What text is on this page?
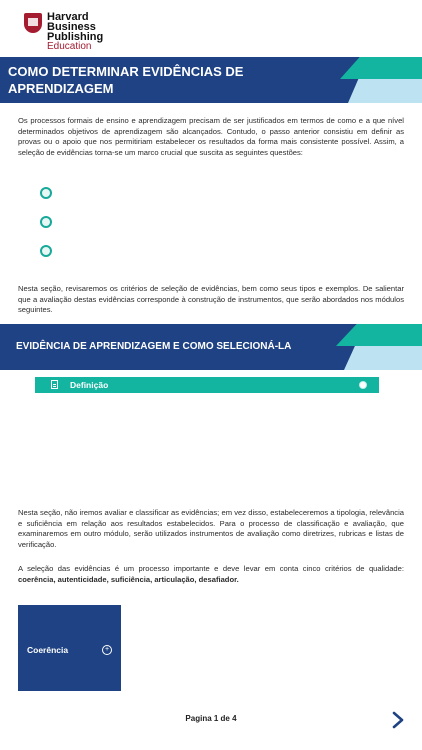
Harvard
Business
Publishing
Education
COMO DETERMINAR EVIDÊNCIAS DE APRENDIZAGEM
Os processos formais de ensino e aprendizagem precisam de ser justificados em termos de como e a que nível determinados objetivos de aprendizagem são alcançados. Contudo, o passo anterior consistiu em definir as provas ou o apoio que nos permitiriam estabelecer os resultados da forma mais consistente possível. Assim, a seleção de evidências torna-se um marco crucial que suscita as seguintes questões:
Nesta seção, revisaremos os critérios de seleção de evidências, bem como seus tipos e exemplos. De salientar que a avaliação destas evidências corresponde à construção de instrumentos, que serão abordados nos módulos seguintes.
EVIDÊNCIA DE APRENDIZAGEM E COMO SELECIONÁ-LA
Definição
Nesta seção, não iremos avaliar e classificar as evidências; em vez disso, estabeleceremos a tipologia, relevância e suficiência em relação aos resultados estabelecidos. Para o processo de classificação e avaliação, que examinaremos em outro módulo, serão utilizados instrumentos de avaliação como diretrizes, rubricas e listas de verificação.
A seleção das evidências é um processo importante e deve levar em conta cinco critérios de qualidade: coerência, autenticidade, suficiência, articulação, desafiador.
Coerência	+
Pagina 1 de 4
